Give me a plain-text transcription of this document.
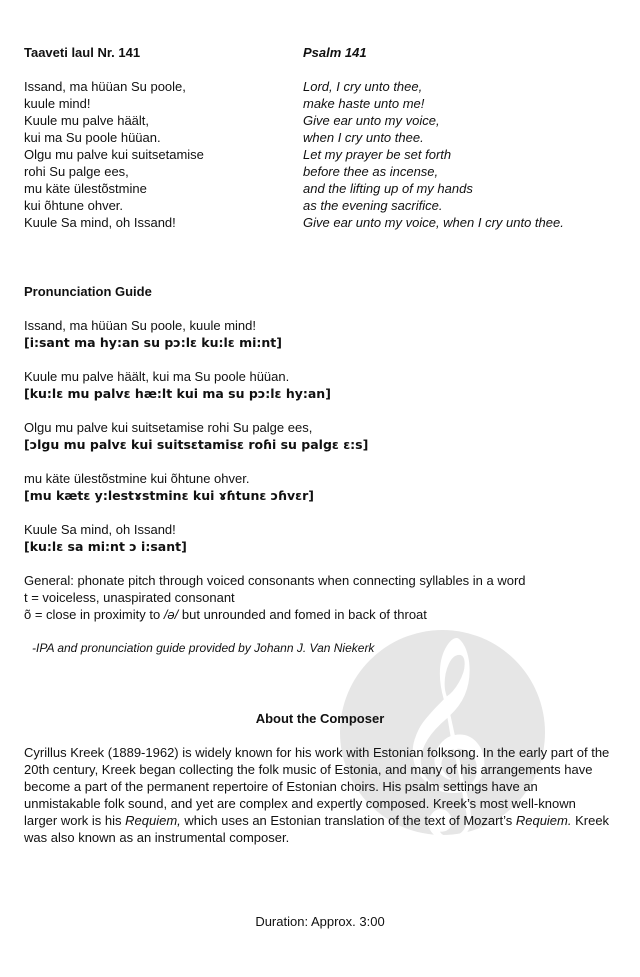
𝄞
Taaveti laul Nr. 141
Issand, ma hüüan Su poole,
kuule mind!
Kuule mu palve häält,
kui ma Su poole hüüan.
Olgu mu palve kui suitsetamise
rohi Su palge ees,
mu käte ülestõstmine
kui õhtune ohver.
Kuule Sa mind, oh Issand!
Psalm 141
Lord, I cry unto thee,
make haste unto me!
Give ear unto my voice,
when I cry unto thee.
Let my prayer be set forth
before thee as incense,
and the lifting up of my hands
as the evening sacrifice.
Give ear unto my voice, when I cry unto thee.
Pronunciation Guide
Issand, ma hüüan Su poole, kuule mind!
[i:sant ma hy:an su pɔ:lɛ ku:lɛ mi:nt]
Kuule mu palve häält, kui ma Su poole hüüan.
[ku:lɛ mu palvɛ hæ:lt kui ma su pɔ:lɛ hy:an]
Olgu mu palve kui suitsetamise rohi Su palge ees,
[ɔlgu mu palvɛ kui suitsɛtamisɛ roɦi su palgɛ ɛ:s]
mu käte ülestõstmine kui õhtune ohver.
[mu kætɛ y:lestɤstminɛ kui ɤɦtunɛ ɔɦvɛr]
Kuule Sa mind, oh Issand!
[ku:lɛ sa mi:nt ɔ i:sant]
General: phonate pitch through voiced consonants when connecting syllables in a word
t = voiceless, unaspirated consonant
õ = close in proximity to /ə/ but unrounded and fomed in back of throat
-IPA and pronunciation guide provided by Johann J. Van Niekerk
About the Composer
Cyrillus Kreek (1889-1962) is widely known for his work with Estonian folksong. In the early part of the 20th century, Kreek began collecting the folk music of Estonia, and many of his arrangements have become a part of the permanent repertoire of Estonian choirs. His psalm settings have an unmistakable folk sound, and yet are complex and expertly composed. Kreek’s most well-known larger work is his Requiem, which uses an Estonian translation of the text of Mozart’s Requiem. Kreek was also known as an instrumental composer.
Duration: Approx. 3:00
